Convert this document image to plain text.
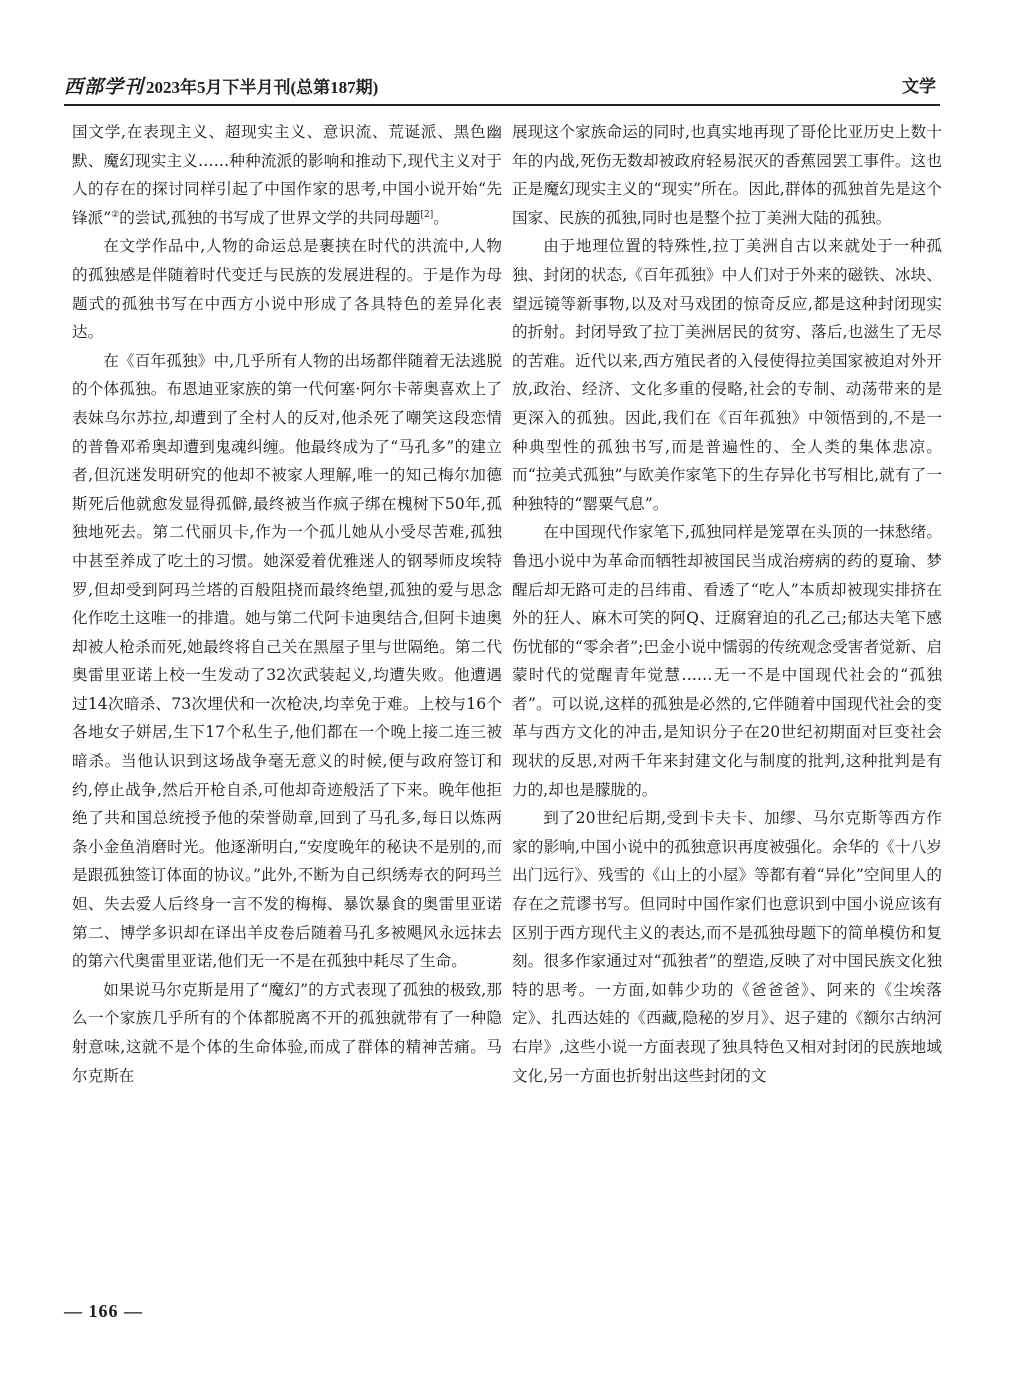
西部学刊 2023年5月下半月刊(总第187期)	文学

国文学,在表现主义、超现实主义、意识流、荒诞派、黑色幽默、魔幻现实主义……种种流派的影响和推动下,现代主义对于人的存在的探讨同样引起了中国作家的思考,中国小说开始“先锋派”②的尝试,孤独的书写成了世界文学的共同母题[2]。

在文学作品中,人物的命运总是裹挟在时代的洪流中,人物的孤独感是伴随着时代变迁与民族的发展进程的。于是作为母题式的孤独书写在中西方小说中形成了各具特色的差异化表达。

在《百年孤独》中,几乎所有人物的出场都伴随着无法逃脱的个体孤独。布恩迪亚家族的第一代何塞·阿尔卡蒂奥喜欢上了表妹乌尔苏拉,却遭到了全村人的反对,他杀死了嘲笑这段恋情的普鲁邓希奥却遭到鬼魂纠缠。他最终成为了“马孔多”的建立者,但沉迷发明研究的他却不被家人理解,唯一的知己梅尔加德斯死后他就愈发显得孤僻,最终被当作疯子绑在槐树下50年,孤独地死去。第二代丽贝卡,作为一个孤儿她从小受尽苦难,孤独中甚至养成了吃土的习惯。她深爱着优雅迷人的钢琴师皮埃特罗,但却受到阿玛兰塔的百般阻挠而最终绝望,孤独的爱与思念化作吃土这唯一的排遣。她与第二代阿卡迪奥结合,但阿卡迪奥却被人枪杀而死,她最终将自己关在黑屋子里与世隔绝。第二代奥雷里亚诺上校一生发动了32次武装起义,均遭失败。他遭遇过14次暗杀、73次埋伏和一次枪决,均幸免于难。上校与16个各地女子姘居,生下17个私生子,他们都在一个晚上接二连三被暗杀。当他认识到这场战争毫无意义的时候,便与政府签订和约,停止战争,然后开枪自杀,可他却奇迹般活了下来。晚年他拒绝了共和国总统授予他的荣誉勋章,回到了马孔多,每日以炼两条小金鱼消磨时光。他逐渐明白,“安度晚年的秘诀不是别的,而是跟孤独签订体面的协议。”此外,不断为自己织绣寿衣的阿玛兰妲、失去爱人后终身一言不发的梅梅、暴饮暴食的奥雷里亚诺第二、博学多识却在译出羊皮卷后随着马孔多被飓风永远抹去的第六代奥雷里亚诺,他们无一不是在孤独中耗尽了生命。

如果说马尔克斯是用了“魔幻”的方式表现了孤独的极致,那么一个家族几乎所有的个体都脱离不开的孤独就带有了一种隐射意味,这就不是个体的生命体验,而成了群体的精神苦痛。马尔克斯在

展现这个家族命运的同时,也真实地再现了哥伦比亚历史上数十年的内战,死伤无数却被政府轻易泯灭的香蕉园罢工事件。这也正是魔幻现实主义的“现实”所在。因此,群体的孤独首先是这个国家、民族的孤独,同时也是整个拉丁美洲大陆的孤独。

由于地理位置的特殊性,拉丁美洲自古以来就处于一种孤独、封闭的状态,《百年孤独》中人们对于外来的磁铁、冰块、望远镜等新事物,以及对马戏团的惊奇反应,都是这种封闭现实的折射。封闭导致了拉丁美洲居民的贫穷、落后,也滋生了无尽的苦难。近代以来,西方殖民者的入侵使得拉美国家被迫对外开放,政治、经济、文化多重的侵略,社会的专制、动荡带来的是更深入的孤独。因此,我们在《百年孤独》中领悟到的,不是一种典型性的孤独书写,而是普遍性的、全人类的集体悲凉。而“拉美式孤独”与欧美作家笔下的生存异化书写相比,就有了一种独特的“罂粟气息”。

在中国现代作家笔下,孤独同样是笼罩在头顶的一抹愁绪。鲁迅小说中为革命而牺牲却被国民当成治痨病的药的夏瑜、梦醒后却无路可走的吕纬甫、看透了“吃人”本质却被现实排挤在外的狂人、麻木可笑的阿Q、迂腐窘迫的孔乙己;郁达夫笔下感伤忧郁的“零余者”;巴金小说中懦弱的传统观念受害者觉新、启蒙时代的觉醒青年觉慧……无一不是中国现代社会的“孤独者”。可以说,这样的孤独是必然的,它伴随着中国现代社会的变革与西方文化的冲击,是知识分子在20世纪初期面对巨变社会现状的反思,对两千年来封建文化与制度的批判,这种批判是有力的,却也是朦胧的。

到了20世纪后期,受到卡夫卡、加缪、马尔克斯等西方作家的影响,中国小说中的孤独意识再度被强化。余华的《十八岁出门远行》、残雪的《山上的小屋》等都有着“异化”空间里人的存在之荒谬书写。但同时中国作家们也意识到中国小说应该有区别于西方现代主义的表达,而不是孤独母题下的简单模仿和复刻。很多作家通过对“孤独者”的塑造,反映了对中国民族文化独特的思考。一方面,如韩少功的《爸爸爸》、阿来的《尘埃落定》、扎西达娃的《西藏,隐秘的岁月》、迟子建的《额尔古纳河右岸》,这些小说一方面表现了独具特色又相对封闭的民族地域文化,另一方面也折射出这些封闭的文

— 166 —
